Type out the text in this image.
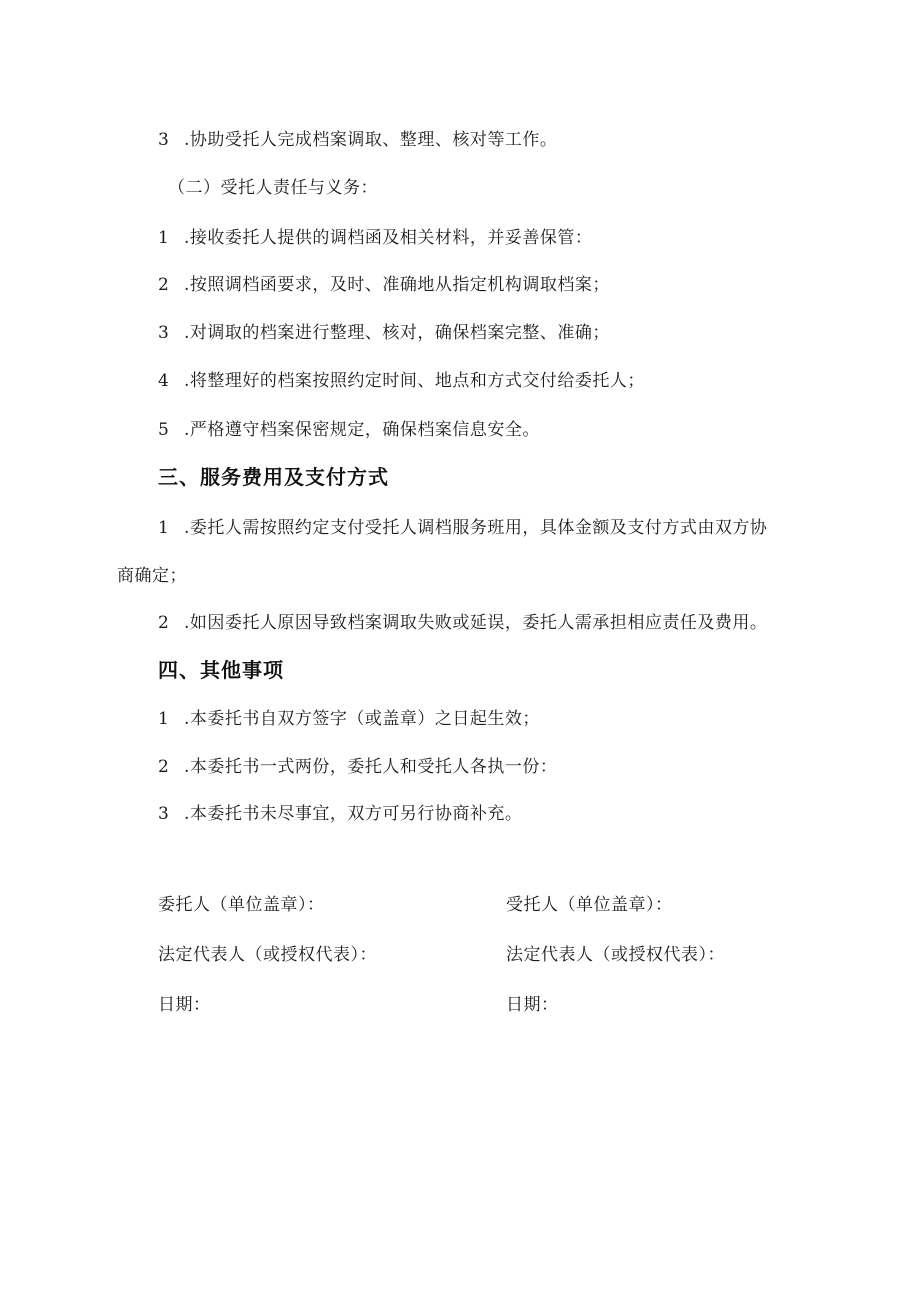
3 .协助受托人完成档案调取、整理、核对等工作。
（二）受托人责任与义务：
1 .接收委托人提供的调档函及相关材料，并妥善保管：
2 .按照调档函要求，及时、准确地从指定机构调取档案；
3 .对调取的档案进行整理、核对，确保档案完整、准确；
4 .将整理好的档案按照约定时间、地点和方式交付给委托人；
5 .严格遵守档案保密规定，确保档案信息安全。
三、服务费用及支付方式
1 .委托人需按照约定支付受托人调档服务班用，具体金额及支付方式由双方协
商确定；
2 .如因委托人原因导致档案调取失败或延误，委托人需承担相应责任及费用。
四、其他事项
1 .本委托书自双方签字（或盖章）之日起生效；
2 .本委托书一式两份，委托人和受托人各执一份：
3 .本委托书未尽事宜，双方可另行协商补充。
委托人（单位盖章）：	受托人（单位盖章）：
法定代表人（或授权代表）：	法定代表人（或授权代表）：
日期：	日期：
